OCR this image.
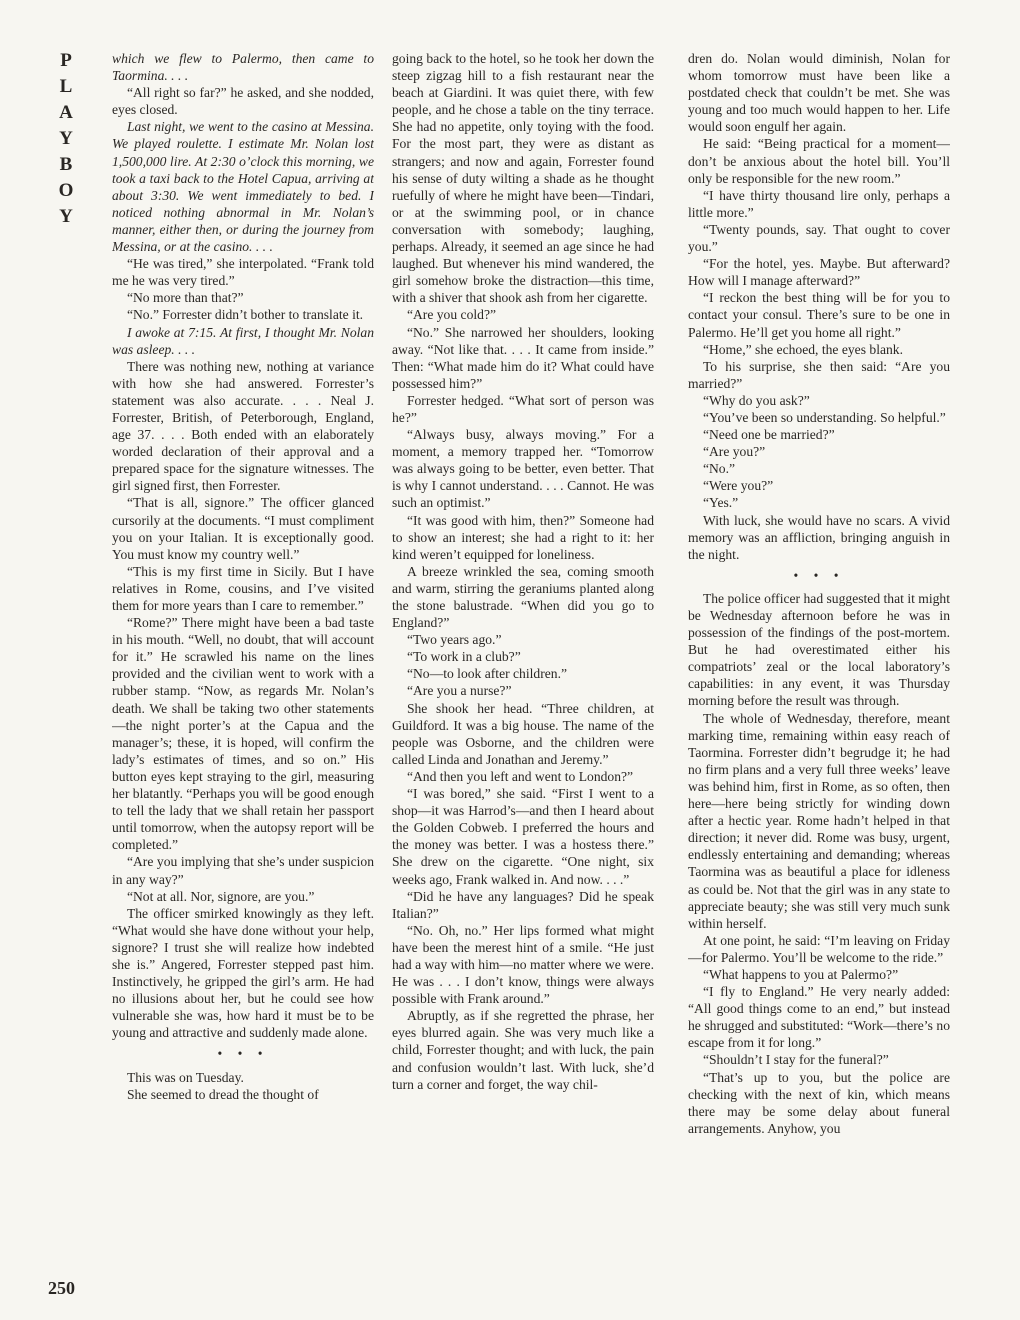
P
L
A
Y
B
O
Y
250

which we flew to Palermo, then came to Taormina. . . .

“All right so far?” he asked, and she nodded, eyes closed.

Last night, we went to the casino at Messina. We played roulette. I estimate Mr. Nolan lost 1,500,000 lire. At 2:30 o’clock this morning, we took a taxi back to the Hotel Capua, arriving at about 3:30. We went immediately to bed. I noticed nothing abnormal in Mr. Nolan’s manner, either then, or during the journey from Messina, or at the casino. . . .

“He was tired,” she interpolated. “Frank told me he was very tired.”

“No more than that?”

“No.” Forrester didn’t bother to translate it.

I awoke at 7:15. At first, I thought Mr. Nolan was asleep. . . .

There was nothing new, nothing at variance with how she had answered. Forrester’s statement was also accurate. . . . Neal J. Forrester, British, of Peterborough, England, age 37. . . . Both ended with an elaborately worded declaration of their approval and a prepared space for the signature witnesses. The girl signed first, then Forrester.

“That is all, signore.” The officer glanced cursorily at the documents. “I must compliment you on your Italian. It is exceptionally good. You must know my country well.”

“This is my first time in Sicily. But I have relatives in Rome, cousins, and I’ve visited them for more years than I care to remember.”

“Rome?” There might have been a bad taste in his mouth. “Well, no doubt, that will account for it.” He scrawled his name on the lines provided and the civilian went to work with a rubber stamp. “Now, as regards Mr. Nolan’s death. We shall be taking two other statements—the night porter’s at the Capua and the manager’s; these, it is hoped, will confirm the lady’s estimates of times, and so on.” His button eyes kept straying to the girl, measuring her blatantly. “Perhaps you will be good enough to tell the lady that we shall retain her passport until tomorrow, when the autopsy report will be completed.”

“Are you implying that she’s under suspicion in any way?”

“Not at all. Nor, signore, are you.”

The officer smirked knowingly as they left. “What would she have done without your help, signore? I trust she will realize how indebted she is.” Angered, Forrester stepped past him. Instinctively, he gripped the girl’s arm. He had no illusions about her, but he could see how vulnerable she was, how hard it must be to be young and attractive and suddenly made alone.

• • •

This was on Tuesday.

She seemed to dread the thought of

going back to the hotel, so he took her down the steep zigzag hill to a fish restaurant near the beach at Giardini. It was quiet there, with few people, and he chose a table on the tiny terrace. She had no appetite, only toying with the food. For the most part, they were as distant as strangers; and now and again, Forrester found his sense of duty wilting a shade as he thought ruefully of where he might have been—Tindari, or at the swimming pool, or in chance conversation with somebody; laughing, perhaps. Already, it seemed an age since he had laughed. But whenever his mind wandered, the girl somehow broke the distraction—this time, with a shiver that shook ash from her cigarette.

“Are you cold?”

“No.” She narrowed her shoulders, looking away. “Not like that. . . . It came from inside.” Then: “What made him do it? What could have possessed him?”

Forrester hedged. “What sort of person was he?”

“Always busy, always moving.” For a moment, a memory trapped her. “Tomorrow was always going to be better, even better. That is why I cannot understand. . . . Cannot. He was such an optimist.”

“It was good with him, then?” Someone had to show an interest; she had a right to it: her kind weren’t equipped for loneliness.

A breeze wrinkled the sea, coming smooth and warm, stirring the geraniums planted along the stone balustrade. “When did you go to England?”

“Two years ago.”

“To work in a club?”

“No—to look after children.”

“Are you a nurse?”

She shook her head. “Three children, at Guildford. It was a big house. The name of the people was Osborne, and the children were called Linda and Jonathan and Jeremy.”

“And then you left and went to London?”

“I was bored,” she said. “First I went to a shop—it was Harrod’s—and then I heard about the Golden Cobweb. I preferred the hours and the money was better. I was a hostess there.” She drew on the cigarette. “One night, six weeks ago, Frank walked in. And now. . . .”

“Did he have any languages? Did he speak Italian?”

“No. Oh, no.” Her lips formed what might have been the merest hint of a smile. “He just had a way with him—no matter where we were. He was . . . I don’t know, things were always possible with Frank around.”

Abruptly, as if she regretted the phrase, her eyes blurred again. She was very much like a child, Forrester thought; and with luck, the pain and confusion wouldn’t last. With luck, she’d turn a corner and forget, the way chil-

dren do. Nolan would diminish, Nolan for whom tomorrow must have been like a postdated check that couldn’t be met. She was young and too much would happen to her. Life would soon engulf her again.

He said: “Being practical for a moment—don’t be anxious about the hotel bill. You’ll only be responsible for the new room.”

“I have thirty thousand lire only, perhaps a little more.”

“Twenty pounds, say. That ought to cover you.”

“For the hotel, yes. Maybe. But afterward? How will I manage afterward?”

“I reckon the best thing will be for you to contact your consul. There’s sure to be one in Palermo. He’ll get you home all right.”

“Home,” she echoed, the eyes blank.

To his surprise, she then said: “Are you married?”

“Why do you ask?”

“You’ve been so understanding. So helpful.”

“Need one be married?”

“Are you?”

“No.”

“Were you?”

“Yes.”

With luck, she would have no scars. A vivid memory was an affliction, bringing anguish in the night.

• • •

The police officer had suggested that it might be Wednesday afternoon before he was in possession of the findings of the post-mortem. But he had overestimated either his compatriots’ zeal or the local laboratory’s capabilities: in any event, it was Thursday morning before the result was through.

The whole of Wednesday, therefore, meant marking time, remaining within easy reach of Taormina. Forrester didn’t begrudge it; he had no firm plans and a very full three weeks’ leave was behind him, first in Rome, as so often, then here—here being strictly for winding down after a hectic year. Rome hadn’t helped in that direction; it never did. Rome was busy, urgent, endlessly entertaining and demanding; whereas Taormina was as beautiful a place for idleness as could be. Not that the girl was in any state to appreciate beauty; she was still very much sunk within herself.

At one point, he said: “I’m leaving on Friday—for Palermo. You’ll be welcome to the ride.”

“What happens to you at Palermo?”

“I fly to England.” He very nearly added: “All good things come to an end,” but instead he shrugged and substituted: “Work—there’s no escape from it for long.”

“Shouldn’t I stay for the funeral?”

“That’s up to you, but the police are checking with the next of kin, which means there may be some delay about funeral arrangements. Anyhow, you
